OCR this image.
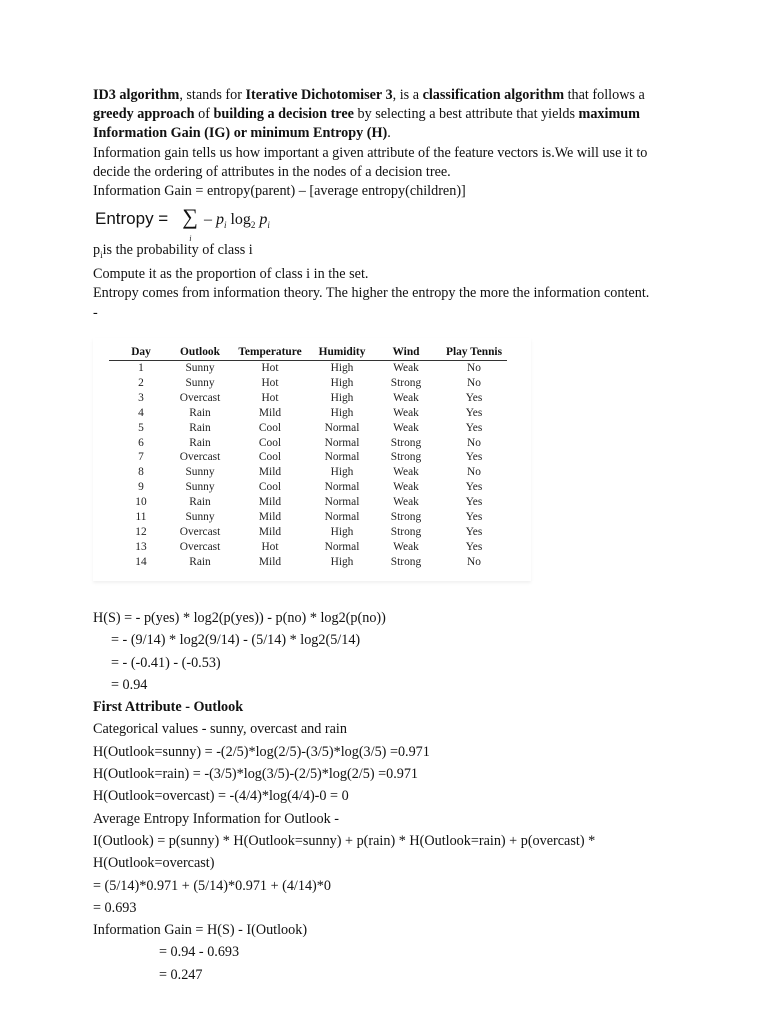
ID3 algorithm, stands for Iterative Dichotomiser 3, is a classification algorithm that follows a greedy approach of building a decision tree by selecting a best attribute that yields maximum Information Gain (IG) or minimum Entropy (H).

Information gain tells us how important a given attribute of the feature vectors is.We will use it to decide the ordering of attributes in the nodes of a decision tree.

Information Gain = entropy(parent) – [average entropy(children)]

Entropy = ∑
i
– $p_i$ $\log_2 p_i$

$p_iis$ the probability of class i

Compute it as the proportion of class i in the set.

Entropy comes from information theory. The higher the entropy the more the information content.

-

Day	Outlook	Temperature	Humidity	Wind	Play Tennis
1	Sunny	Hot	High	Weak	No
2	Sunny	Hot	High	Strong	No
3	Overcast	Hot	High	Weak	Yes
4	Rain	Mild	High	Weak	Yes
5	Rain	Cool	Normal	Weak	Yes
6	Rain	Cool	Normal	Strong	No
7	Overcast	Cool	Normal	Strong	Yes
8	Sunny	Mild	High	Weak	No
9	Sunny	Cool	Normal	Weak	Yes
10	Rain	Mild	Normal	Weak	Yes
11	Sunny	Mild	Normal	Strong	Yes
12	Overcast	Mild	High	Strong	Yes
13	Overcast	Hot	Normal	Weak	Yes
14	Rain	Mild	High	Strong	No

H(S) = - p(yes) * log2(p(yes)) - p(no) * log2(p(no))

= - (9/14) * log2(9/14) - (5/14) * log2(5/14)

= - (-0.41) - (-0.53)

= 0.94

First Attribute - Outlook

Categorical values - sunny, overcast and rain

H(Outlook=sunny) = -(2/5)*log(2/5)-(3/5)*log(3/5) =0.971

H(Outlook=rain) = -(3/5)*log(3/5)-(2/5)*log(2/5) =0.971

H(Outlook=overcast) = -(4/4)*log(4/4)-0 = 0

Average Entropy Information for Outlook -

I(Outlook) = p(sunny) * H(Outlook=sunny) + p(rain) * H(Outlook=rain) + p(overcast) *

H(Outlook=overcast)

= (5/14)*0.971 + (5/14)*0.971 + (4/14)*0

= 0.693

Information Gain = H(S) - I(Outlook)

= 0.94 - 0.693

= 0.247
